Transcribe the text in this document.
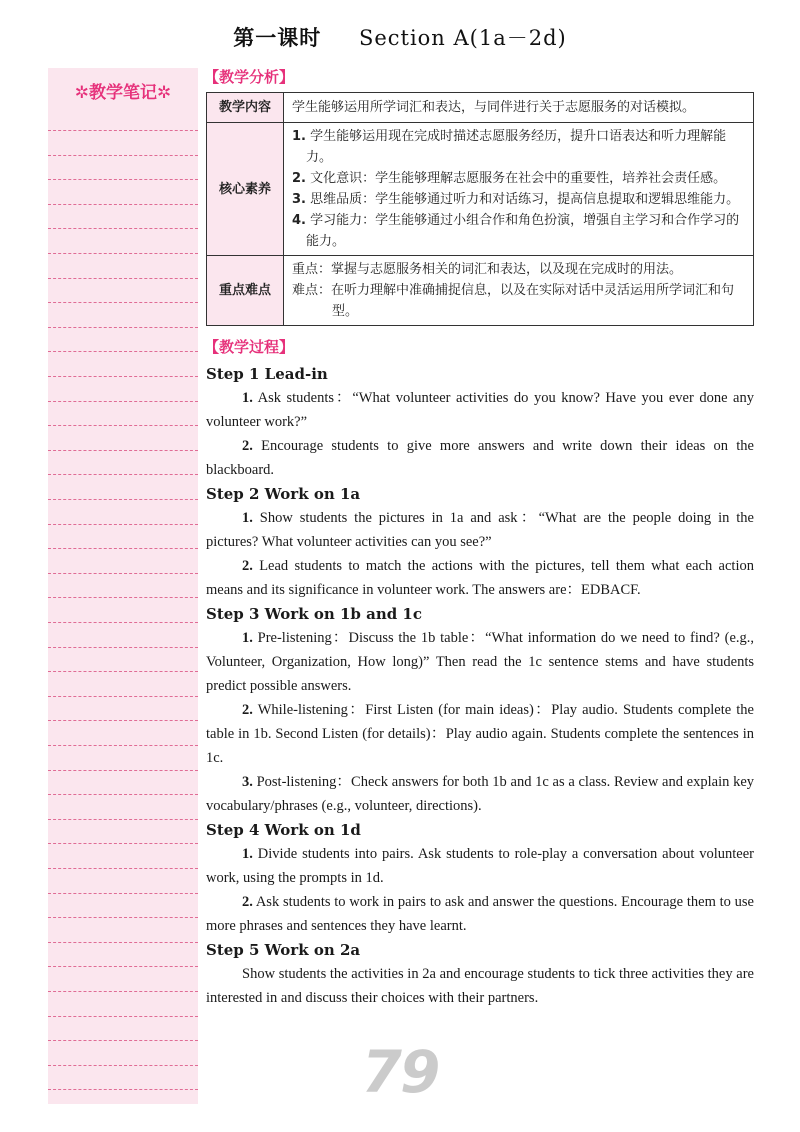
第一课时 Section A(1a－2d)
✲教学笔记✲
【教学分析】
教学内容	学生能够运用所学词汇和表达，与同伴进行关于志愿服务的对话模拟。
核心素养	1. 学生能够运用现在完成时描述志愿服务经历，提升口语表达和听力理解能力。
2. 文化意识：学生能够理解志愿服务在社会中的重要性，培养社会责任感。
3. 思维品质：学生能够通过听力和对话练习，提高信息提取和逻辑思维能力。
4. 学习能力：学生能够通过小组合作和角色扮演，增强自主学习和合作学习的能力。

重点难点	重点：掌握与志愿服务相关的词汇和表达，以及现在完成时的用法。
难点：在听力理解中准确捕捉信息，以及在实际对话中灵活运用所学词汇和句型。
【教学过程】
Step 1 Lead-in

1. Ask students：“What volunteer activities do you know? Have you ever done any volunteer work?”

2. Encourage students to give more answers and write down their ideas on the blackboard.

Step 2 Work on 1a

1. Show students the pictures in 1a and ask：“What are the people doing in the pictures? What volunteer activities can you see?”

2. Lead students to match the actions with the pictures, tell them what each action means and its significance in volunteer work. The answers are：EDBACF.

Step 3 Work on 1b and 1c

1. Pre-listening：Discuss the 1b table：“What information do we need to find? (e.g., Volunteer, Organization, How long)” Then read the 1c sentence stems and have students predict possible answers.

2. While-listening：First Listen (for main ideas)：Play audio. Students complete the table in 1b. Second Listen (for details)：Play audio again. Students complete the sentences in 1c.

3. Post-listening：Check answers for both 1b and 1c as a class. Review and explain key vocabulary/phrases (e.g., volunteer, directions).

Step 4 Work on 1d

1. Divide students into pairs. Ask students to role-play a conversation about volunteer work, using the prompts in 1d.

2. Ask students to work in pairs to ask and answer the questions. Encourage them to use more phrases and sentences they have learnt.

Step 5 Work on 2a

Show students the activities in 2a and encourage students to tick three activities they are interested in and discuss their choices with their partners.

79
